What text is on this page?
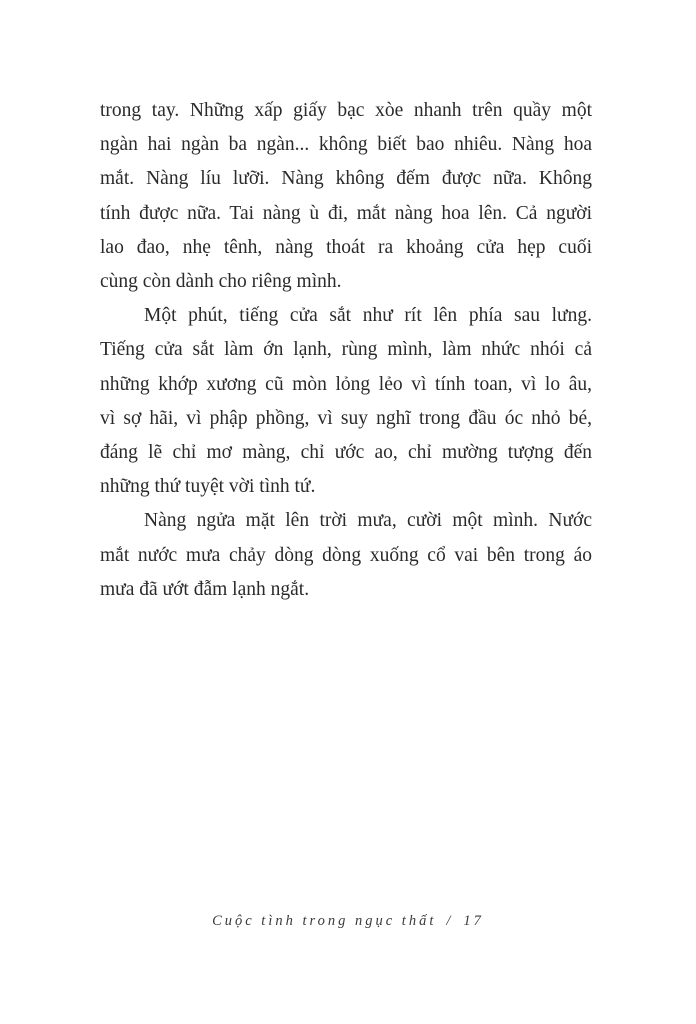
trong tay. Những xấp giấy bạc xòe nhanh trên quầy một
ngàn hai ngàn ba ngàn... không biết bao nhiêu. Nàng hoa
mắt. Nàng líu lưỡi. Nàng không đếm được nữa. Không
tính được nữa. Tai nàng ù đi, mắt nàng hoa lên. Cả người
lao đao, nhẹ tênh, nàng thoát ra khoảng cửa hẹp cuối
cùng còn dành cho riêng mình.
Một phút, tiếng cửa sắt như rít lên phía sau lưng.
Tiếng cửa sắt làm ớn lạnh, rùng mình, làm nhức nhói cả
những khớp xương cũ mòn lỏng lẻo vì tính toan, vì lo âu,
vì sợ hãi, vì phập phồng, vì suy nghĩ trong đầu óc nhỏ bé,
đáng lẽ chỉ mơ màng, chỉ ước ao, chỉ mường tượng đến
những thứ tuyệt vời tình tứ.
Nàng ngửa mặt lên trời mưa, cười một mình. Nước
mắt nước mưa chảy dòng dòng xuống cổ vai bên trong áo
mưa đã ướt đẫm lạnh ngắt.
Cuộc tình trong ngục thất / 17
